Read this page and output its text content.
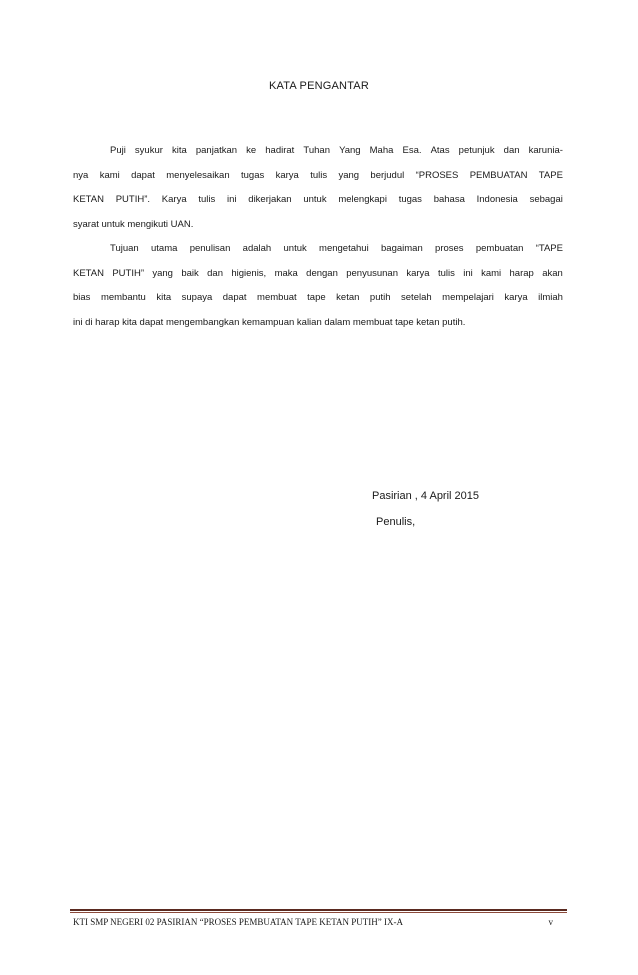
KATA PENGANTAR
Puji syukur kita panjatkan ke hadirat Tuhan Yang Maha Esa. Atas petunjuk dan karunia-
nya kami dapat menyelesaikan tugas karya tulis yang berjudul “PROSES PEMBUATAN TAPE
KETAN PUTIH”. Karya tulis ini dikerjakan untuk melengkapi tugas bahasa Indonesia sebagai
syarat untuk mengikuti UAN.
Tujuan utama penulisan adalah untuk mengetahui bagaiman proses pembuatan “TAPE
KETAN PUTIH” yang baik dan higienis, maka dengan penyusunan karya tulis ini kami harap akan
bias membantu kita supaya dapat membuat tape ketan putih setelah mempelajari karya ilmiah
ini di harap kita dapat mengembangkan kemampuan kalian dalam membuat tape ketan putih.
Pasirian , 4 April 2015
Penulis,
KTI SMP NEGERI 02 PASIRIAN “PROSES PEMBUATAN TAPE KETAN PUTIH” IX-A	v
